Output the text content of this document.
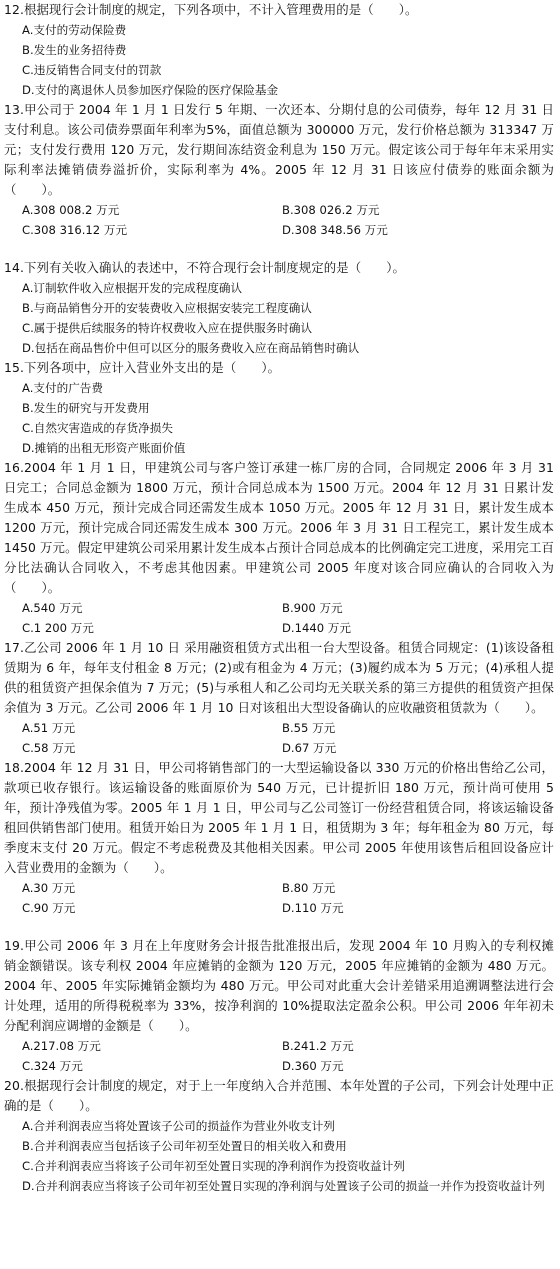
12.根据现行会计制度的规定，下列各项中，不计入管理费用的是（　　）。

A.支付的劳动保险费

B.发生的业务招待费

C.违反销售合同支付的罚款

D.支付的离退休人员参加医疗保险的医疗保险基金

13.甲公司于 2004 年 1 月 1 日发行 5 年期、一次还本、分期付息的公司债券，每年 12 月 31 日支付利息。该公司债券票面年利率为5%，面值总额为 300000 万元，发行价格总额为 313347 万元；支付发行费用 120 万元，发行期间冻结资金利息为 150 万元。假定该公司于每年年末采用实际利率法摊销债券溢折价，实际利率为 4%。2005 年 12 月 31 日该应付债券的账面余额为（　　）。

A.308 008.2 万元	B.308 026.2 万元

C.308 316.12 万元	D.308 348.56 万元

14.下列有关收入确认的表述中，不符合现行会计制度规定的是（　　）。

A.订制软件收入应根据开发的完成程度确认

B.与商品销售分开的安装费收入应根据安装完工程度确认

C.属于提供后续服务的特许权费收入应在提供服务时确认

D.包括在商品售价中但可以区分的服务费收入应在商品销售时确认

15.下列各项中，应计入营业外支出的是（　　）。

A.支付的广告费

B.发生的研究与开发费用

C.自然灾害造成的存货净损失

D.摊销的出租无形资产账面价值

16.2004 年 1 月 1 日，甲建筑公司与客户签订承建一栋厂房的合同，合同规定 2006 年 3 月 31 日完工；合同总金额为 1800 万元，预计合同总成本为 1500 万元。2004 年 12 月 31 日累计发生成本 450 万元，预计完成合同还需发生成本 1050 万元。2005 年 12 月 31 日，累计发生成本 1200 万元，预计完成合同还需发生成本 300 万元。2006 年 3 月 31 日工程完工，累计发生成本 1450 万元。假定甲建筑公司采用累计发生成本占预计合同总成本的比例确定完工进度，采用完工百分比法确认合同收入，不考虑其他因素。甲建筑公司 2005 年度对该合同应确认的合同收入为（　　）。

A.540 万元	B.900 万元

C.1 200 万元	D.1440 万元

17.乙公司 2006 年 1 月 10 日 采用融资租赁方式出租一台大型设备。租赁合同规定：(1)该设备租赁期为 6 年，每年支付租金 8 万元；(2)或有租金为 4 万元；(3)履约成本为 5 万元；(4)承租人提供的租赁资产担保余值为 7 万元；(5)与承租人和乙公司均无关联关系的第三方提供的租赁资产担保余值为 3 万元。乙公司 2006 年 1 月 10 日对该租出大型设备确认的应收融资租赁款为（　　）。

A.51 万元	B.55 万元

C.58 万元	D.67 万元

18.2004 年 12 月 31 日，甲公司将销售部门的一大型运输设备以 330 万元的价格出售给乙公司，款项已收存银行。该运输设备的账面原价为 540 万元，已计提折旧 180 万元，预计尚可使用 5 年，预计净残值为零。2005 年 1 月 1 日，甲公司与乙公司签订一份经营租赁合同，将该运输设备租回供销售部门使用。租赁开始日为 2005 年 1 月 1 日，租赁期为 3 年；每年租金为 80 万元，每季度末支付 20 万元。假定不考虑税费及其他相关因素。甲公司 2005 年使用该售后租回设备应计入营业费用的金额为（　　）。

A.30 万元	B.80 万元

C.90 万元	D.110 万元

19.甲公司 2006 年 3 月在上年度财务会计报告批准报出后，发现 2004 年 10 月购入的专利权摊销金额错误。该专利权 2004 年应摊销的金额为 120 万元，2005 年应摊销的金额为 480 万元。2004 年、2005 年实际摊销金额均为 480 万元。甲公司对此重大会计差错采用追溯调整法进行会计处理，适用的所得税税率为 33%，按净利润的 10%提取法定盈余公积。甲公司 2006 年年初未分配利润应调增的金额是（　　）。

A.217.08 万元	B.241.2 万元

C.324 万元	D.360 万元

20.根据现行会计制度的规定，对于上一年度纳入合并范围、本年处置的子公司，下列会计处理中正确的是（　　）。

A.合并利润表应当将处置该子公司的损益作为营业外收支计列

B.合并利润表应当包括该子公司年初至处置日的相关收入和费用

C.合并利润表应当将该子公司年初至处置日实现的净利润作为投资收益计列

D.合并利润表应当将该子公司年初至处置日实现的净利润与处置该子公司的损益一并作为投资收益计列
